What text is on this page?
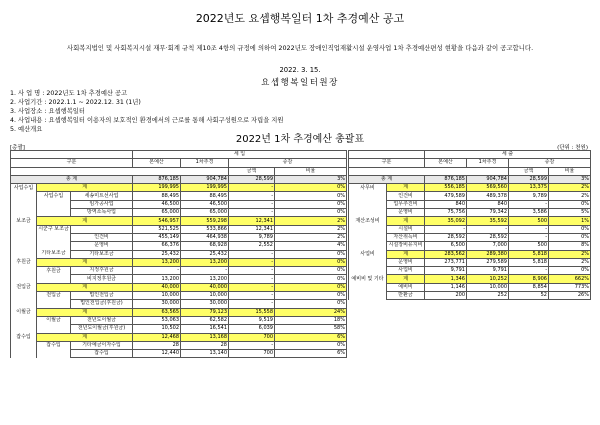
2022년도 요셉행복일터 1차 추경예산 공고
사회복지법인 및 사회복지시설 재무·회계 규칙 제10조 4항의 규정에 의하여 2022년도 장애인직업재활시설 운영사업 1차 추경예산편성 현황을 다음과 같이 공고합니다.
2022. 3. 15.
요셉행복일터원장
1. 사 업 명 : 2022년도 1차 추경예산 공고
2. 사업기간 : 2022.1.1 ~ 2022.12. 31 (1년)
3. 사업장소 : 요셉행복일터
4. 사업내용 : 요셉행복일터 이용자의 보호적인 환경에서의 근로를 통해 사회구성원으로 자립을 지원
5. 예산개요
2022년 1차 추경예산 총괄표
[총괄]	(단위 : 천원)
			세 입			
구분			본예산	1차추경	증감	
					금액	비율
총 계			876,185	904,784	28,599	3%
사업수입	계		199,995	199,995	-	0%
	사업수입	세송미트선사업	88,495	88,495	-	0%
		임가공사업	46,500	46,500	-	0%
		방역소독사업	65,000	65,000	-	0%
보조금	계		546,957	559,298	12,341	2%
	시군구 보조금		521,525	533,866	12,341	2%
		인건비	455,149	464,938	9,789	2%
		운영비	66,376	68,928	2,552	4%
	기타보조금	기타보조금	25,432	25,432	-	0%
후원금	계		13,200	13,200	-	0%
	후원금	지정후원금	-	-	-	0%
		비지정후원금	13,200	13,200	-	0%
전입금	계		40,000	40,000	-	0%
	전입금	법인전입금	10,000	10,000	-	0%
		법인전입금(후원금)	30,000	30,000	-	0%
이월금	계		63,565	79,123	15,558	24%
	이월금	전년도이월금	53,063	62,582	9,519	18%
		전년도이월금(후원금)	10,502	16,541	6,039	58%
잡수입	계		12,468	13,168	700	6%
	잡수입	기타예금이자수입	28	28	-	0%
		잡수입	12,440	13,140	700	6%
		세 출			
구분		본예산	1차추경	증감	
				금액	비율
총 계		876,185	904,784	28,599	3%
사무비	계	556,185	569,560	13,375	2%
	인건비	479,589	489,378	9,789	2%
	업무추진비	840	840	-	0%
	운영비	75,756	79,342	3,586	5%
재산조성비	계	35,092	35,592	500	1%
	시설비	-	-	-	0%
	자산취득비	28,592	28,592	-	0%
	시설장비유지비	6,500	7,000	500	8%
사업비	계	283,562	289,380	5,818	2%
	운영비	273,771	279,589	5,818	2%
	사업비	9,791	9,791	-	0%
예비비 및 기타	계	1,346	10,252	8,906	662%
	예비비	1,146	10,000	8,854	773%
	반환금	200	252	52	26%
